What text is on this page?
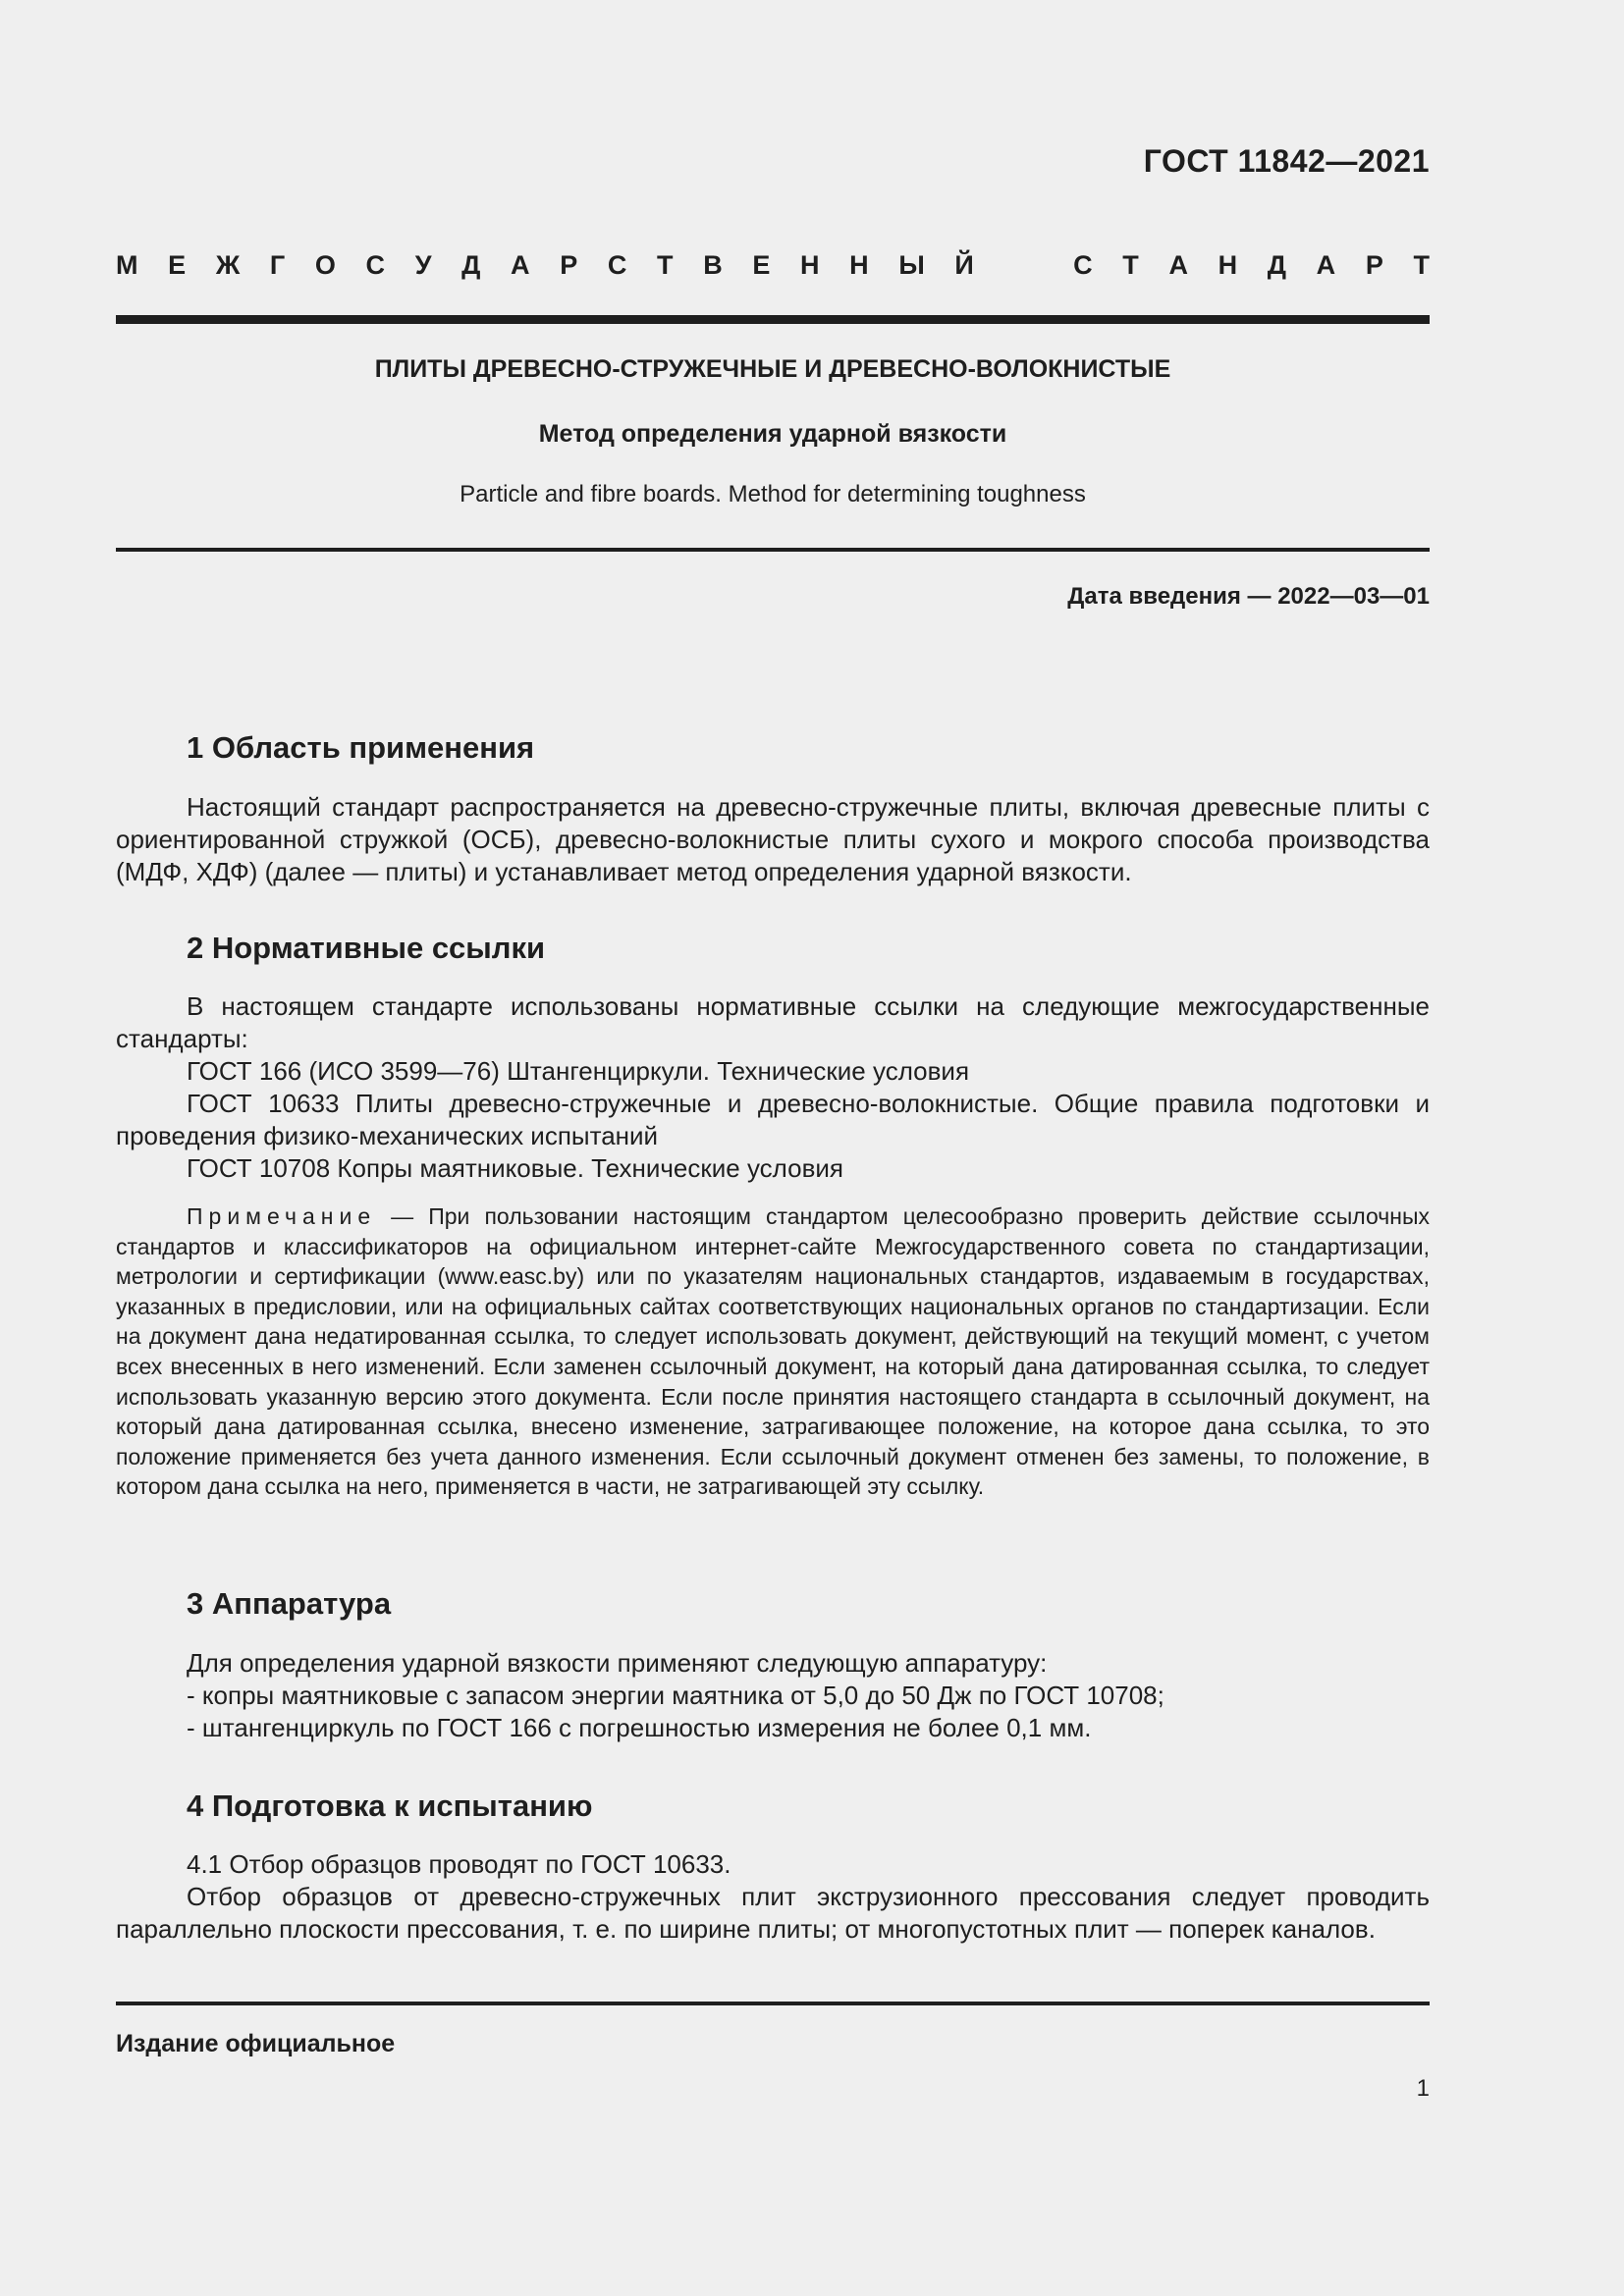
ГОСТ 11842—2021
М Е Ж Г О С У Д А Р С Т В Е Н Н Ы Й	С Т А Н Д А Р Т
ПЛИТЫ ДРЕВЕСНО-СТРУЖЕЧНЫЕ И ДРЕВЕСНО-ВОЛОКНИСТЫЕ
Метод определения ударной вязкости
Particle and fibre boards. Method for determining toughness
Дата введения — 2022—03—01
1 Область применения
Настоящий стандарт распространяется на древесно-стружечные плиты, включая древесные плиты с ориентированной стружкой (ОСБ), древесно-волокнистые плиты сухого и мокрого способа производства (МДФ, ХДФ) (далее — плиты) и устанавливает метод определения ударной вязкости.
2 Нормативные ссылки
В настоящем стандарте использованы нормативные ссылки на следующие межгосударственные стандарты:
ГОСТ 166 (ИСО 3599—76) Штангенциркули. Технические условия
ГОСТ 10633 Плиты древесно-стружечные и древесно-волокнистые. Общие правила подготовки и проведения физико-механических испытаний
ГОСТ 10708 Копры маятниковые. Технические условия
Примечание — При пользовании настоящим стандартом целесообразно проверить действие ссылочных стандартов и классификаторов на официальном интернет-сайте Межгосударственного совета по стандартизации, метрологии и сертификации (www.easc.by) или по указателям национальных стандартов, издаваемым в государствах, указанных в предисловии, или на официальных сайтах соответствующих национальных органов по стандартизации. Если на документ дана недатированная ссылка, то следует использовать документ, действующий на текущий момент, с учетом всех внесенных в него изменений. Если заменен ссылочный документ, на который дана датированная ссылка, то следует использовать указанную версию этого документа. Если после принятия настоящего стандарта в ссылочный документ, на который дана датированная ссылка, внесено изменение, затрагивающее положение, на которое дана ссылка, то это положение применяется без учета данного изменения. Если ссылочный документ отменен без замены, то положение, в котором дана ссылка на него, применяется в части, не затрагивающей эту ссылку.
3 Аппаратура
Для определения ударной вязкости применяют следующую аппаратуру:
- копры маятниковые с запасом энергии маятника от 5,0 до 50 Дж по ГОСТ 10708;
- штангенциркуль по ГОСТ 166 с погрешностью измерения не более 0,1 мм.
4 Подготовка к испытанию
4.1 Отбор образцов проводят по ГОСТ 10633.
Отбор образцов от древесно-стружечных плит экструзионного прессования следует проводить параллельно плоскости прессования, т. е. по ширине плиты; от многопустотных плит — поперек каналов.
Издание официальное
1
